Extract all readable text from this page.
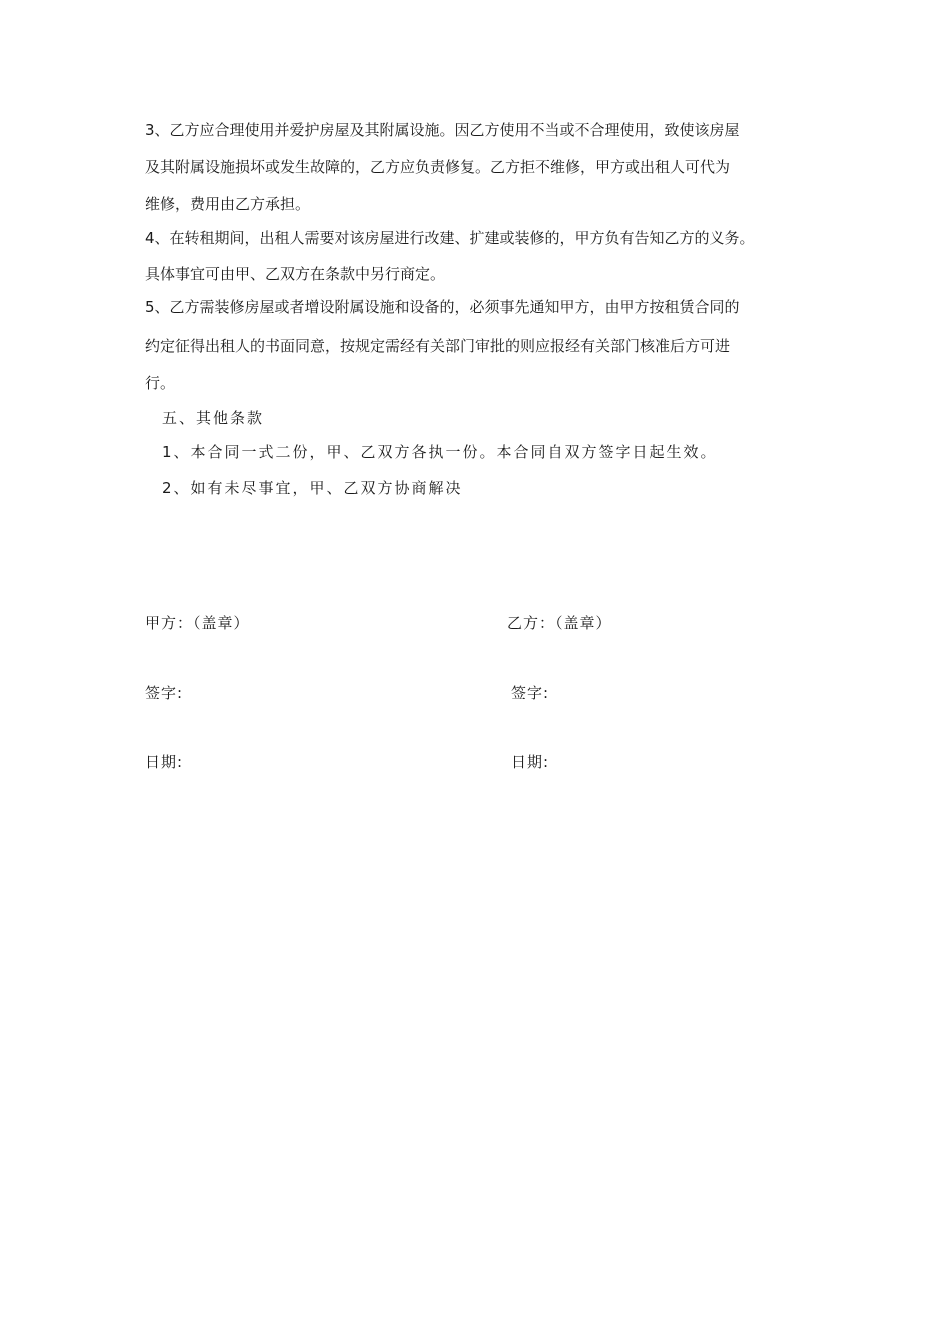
3、乙方应合理使用并爱护房屋及其附属设施。因乙方使用不当或不合理使用，致使该房屋
及其附属设施损坏或发生故障的，乙方应负责修复。乙方拒不维修，甲方或出租人可代为
维修，费用由乙方承担。
4、在转租期间，出租人需要对该房屋进行改建、扩建或装修的，甲方负有告知乙方的义务。
具体事宜可由甲、乙双方在条款中另行商定。
5、乙方需装修房屋或者增设附属设施和设备的，必须事先通知甲方，由甲方按租赁合同的
约定征得出租人的书面同意，按规定需经有关部门审批的则应报经有关部门核准后方可进
行。
五、其他条款
1、本合同一式二份，甲、乙双方各执一份。本合同自双方签字日起生效。
2、如有未尽事宜，甲、乙双方协商解决
甲方：（盖章）
签字:
日期:
乙方：（盖章）
签字:
日期:
